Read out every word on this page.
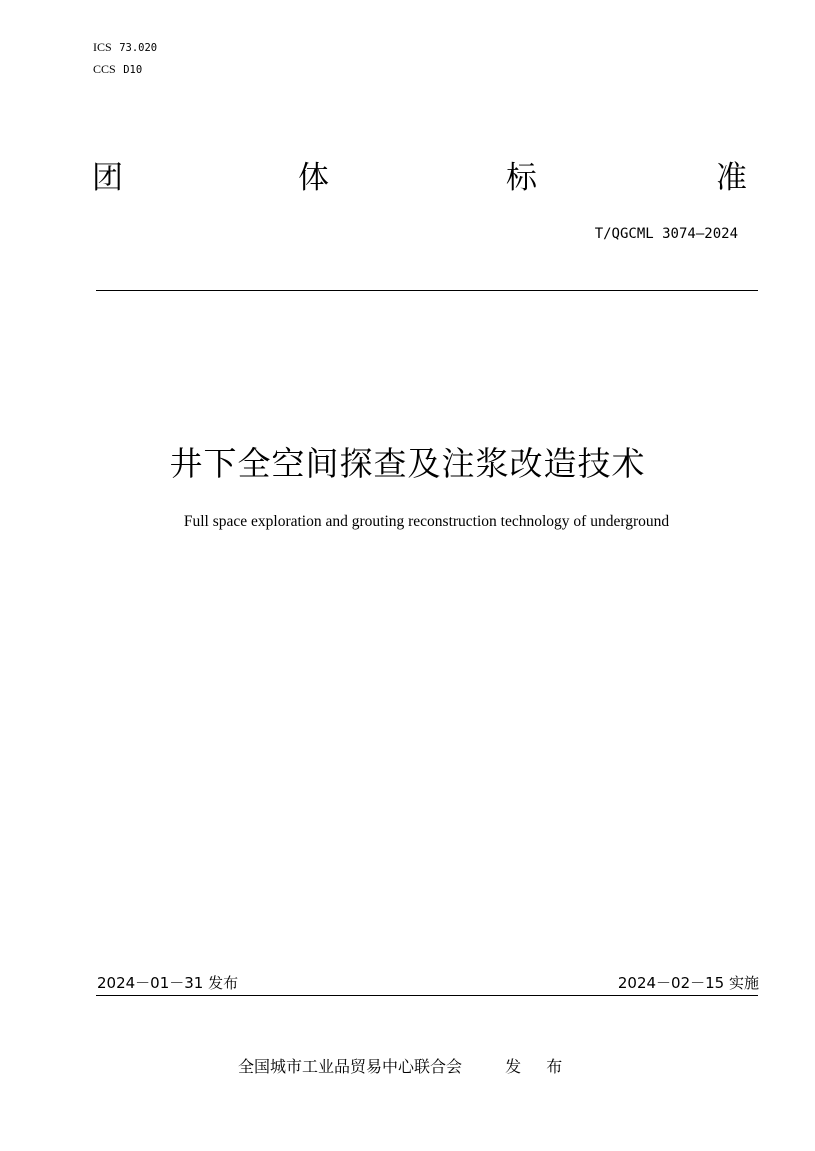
ICS 73.020
CCS D10
团	体	标	准
T/QGCML 3074—2024
井下全空间探查及注浆改造技术
Full space exploration and grouting reconstruction technology of underground
2024－01－31 发布	2024－02－15 实施
全国城市工业品贸易中心联合会	发 布
